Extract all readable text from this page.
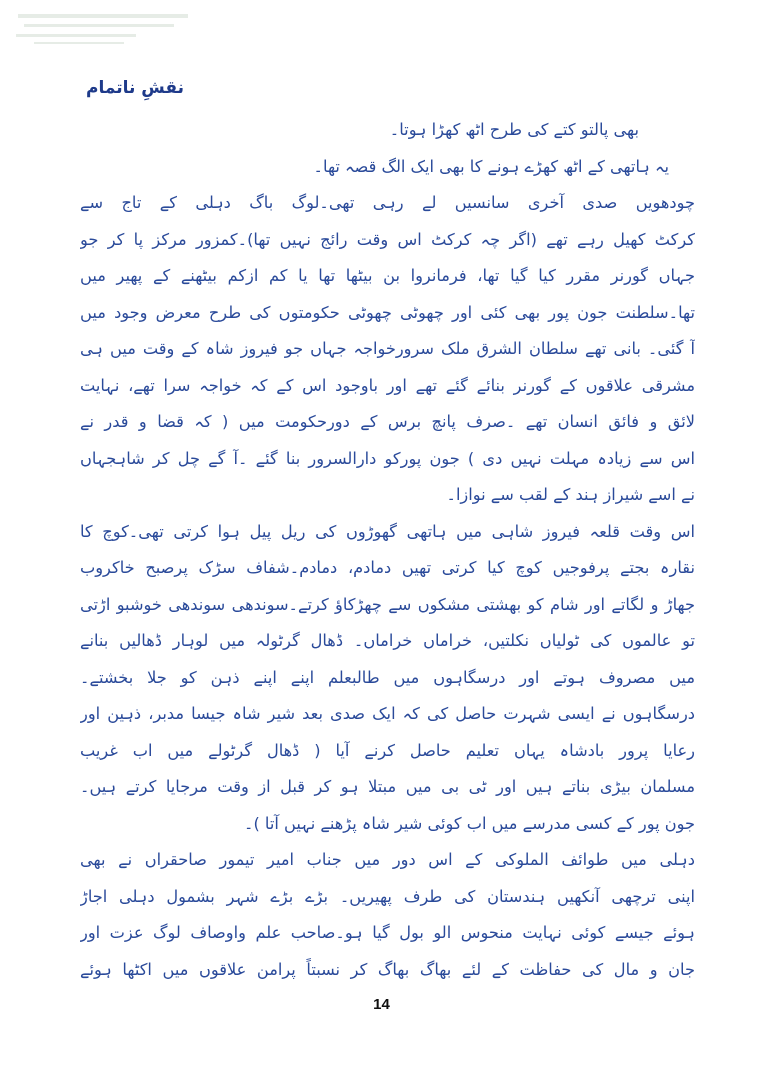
نقشِ ناتمام
بھی پالتو کتے کی طرح اٹھ کھڑا ہوتا۔
یہ ہاتھی کے اٹھ کھڑے ہونے کا بھی ایک الگ قصہ تھا۔
چودھویں صدی آخری سانسیں لے رہی تھی۔لوگ باگ دہلی کے تاج سے
کرکٹ کھیل رہے تھے (اگر چہ کرکٹ اس وقت رائج نہیں تھا)۔کمزور مرکز پا کر جو
جہاں گورنر مقرر کیا گیا تھا، فرمانروا بن بیٹھا تھا یا کم ازکم بیٹھنے کے پھیر میں
تھا۔سلطنت جون پور بھی کئی اور چھوٹی چھوٹی حکومتوں کی طرح معرض وجود میں
آ گئی۔ بانی تھے سلطان الشرق ملک سرورخواجہ جہاں جو فیروز شاہ کے وقت میں ہی
مشرقی علاقوں کے گورنر بنائے گئے تھے اور باوجود اس کے کہ خواجہ سرا تھے، نہایت
لائق و فائق انسان تھے ۔صرف پانچ برس کے دورحکومت میں ( کہ قضا و قدر نے
اس سے زیادہ مہلت نہیں دی ) جون پورکو دارالسرور بنا گئے ۔آ گے چل کر شاہجہاں
نے اسے شیراز ہند کے لقب سے نوازا۔
اس وقت قلعہ فیروز شاہی میں ہاتھی گھوڑوں کی ریل پیل ہوا کرتی تھی۔کوچ کا
نقارہ بجتے پرفوجیں کوچ کیا کرتی تھیں دمادم، دمادم۔شفاف سڑک پرصبح خاکروب
جھاڑ و لگاتے اور شام کو بھشتی مشکوں سے چھڑکاؤ کرتے۔سوندھی سوندھی خوشبو اڑتی
تو عالموں کی ٹولیاں نکلتیں، خراماں خراماں۔ ڈھال گرٹولہ میں لوہار ڈھالیں بنانے
میں مصروف ہوتے اور درسگاہوں میں طالبعلم اپنے اپنے ذہن کو جلا بخشتے۔
درسگاہوں نے ایسی شہرت حاصل کی کہ ایک صدی بعد شیر شاہ جیسا مدبر، ذہین اور
رعایا پرور بادشاہ یہاں تعلیم حاصل کرنے آیا ( ڈھال گرٹولے میں اب غریب
مسلمان بیڑی بناتے ہیں اور ٹی بی میں مبتلا ہو کر قبل از وقت مرجایا کرتے ہیں۔
جون پور کے کسی مدرسے میں اب کوئی شیر شاہ پڑھنے نہیں آتا )۔
دہلی میں طوائف الملوکی کے اس دور میں جناب امیر تیمور صاحقراں نے بھی
اپنی ترچھی آنکھیں ہندستان کی طرف پھیریں۔ بڑے بڑے شہر بشمول دہلی اجاڑ
ہوئے جیسے کوئی نہایت منحوس الو بول گیا ہو۔صاحب علم واوصاف لوگ عزت اور
جان و مال کی حفاظت کے لئے بھاگ بھاگ کر نسبتاً پرامن علاقوں میں اکٹھا ہوئے
14
